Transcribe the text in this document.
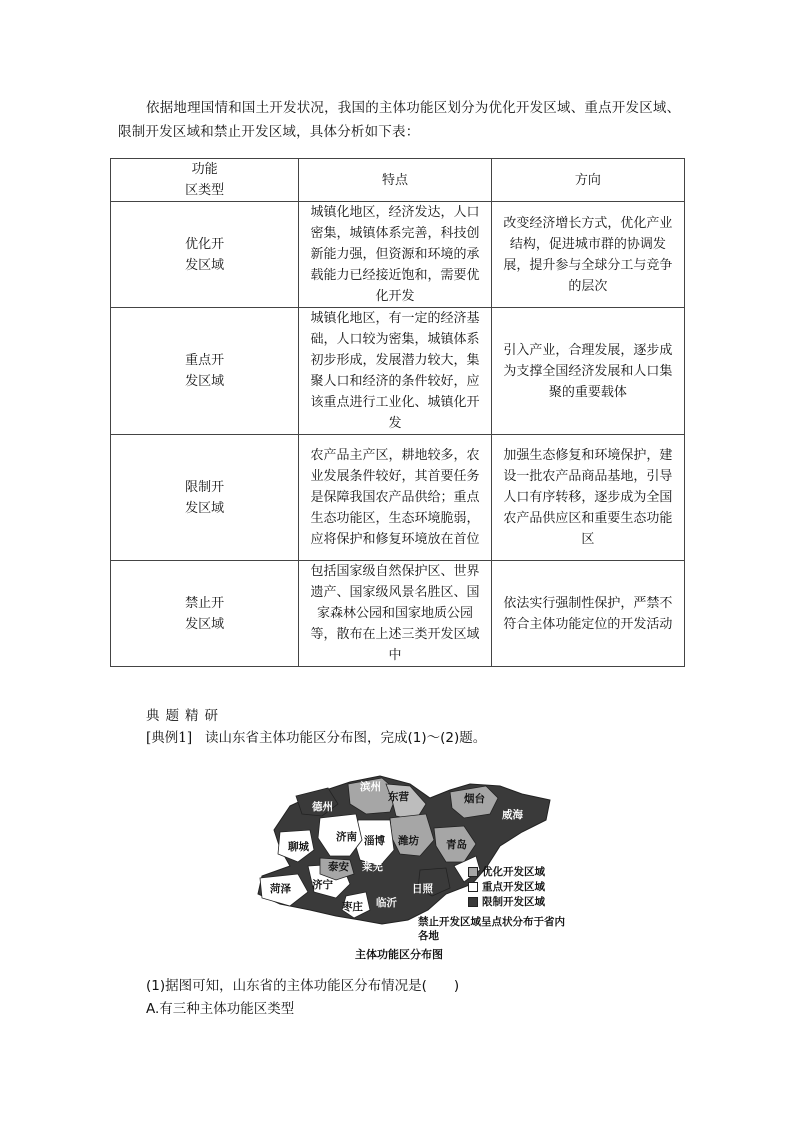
依据地理国情和国土开发状况，我国的主体功能区划分为优化开发区域、重点开发区域、限制开发区域和禁止开发区域，具体分析如下表：
功能
区类型	特点	方向
优化开
发区域	城镇化地区，经济发达，人口密集，城镇体系完善，科技创新能力强，但资源和环境的承载能力已经接近饱和，需要优化开发	改变经济增长方式，优化产业结构，促进城市群的协调发展，提升参与全球分工与竞争的层次
重点开
发区域	城镇化地区，有一定的经济基础，人口较为密集，城镇体系初步形成，发展潜力较大，集聚人口和经济的条件较好，应该重点进行工业化、城镇化开发	引入产业，合理发展，逐步成为支撑全国经济发展和人口集聚的重要载体
限制开
发区域	农产品主产区，耕地较多，农业发展条件较好，其首要任务是保障我国农产品供给；重点生态功能区，生态环境脆弱，应将保护和修复环境放在首位	加强生态修复和环境保护，建设一批农产品商品基地，引导人口有序转移，逐步成为全国农产品供应区和重要生态功能区
禁止开
发区域	包括国家级自然保护区、世界遗产、国家级风景名胜区、国家森林公园和国家地质公园等，散布在上述三类开发区域中	依法实行强制性保护，严禁不符合主体功能定位的开发活动
典题精研
[典例1] 读山东省主体功能区分布图，完成(1)～(2)题。
德州
滨州
东营	烟台
威海
聊城
济南 淄博 潍坊	青岛
泰安 莱芜
济宁
菏泽
枣庄 临沂
日照
优化开发区域
重点开发区域
限制开发区域
禁止开发区域呈点状分布于省内各地
主体功能区分布图
(1)据图可知，山东省的主体功能区分布情况是(　　)
A.有三种主体功能区类型
